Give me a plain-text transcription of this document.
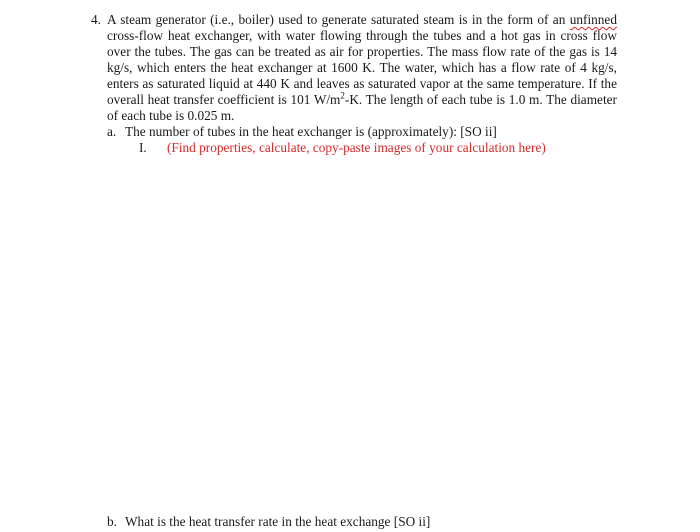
4. A steam generator (i.e., boiler) used to generate saturated steam is in the form of an unfinned
cross-flow heat exchanger, with water flowing through the tubes and a hot gas in cross flow
over the tubes. The gas can be treated as air for properties. The mass flow rate of the gas is 14
kg/s, which enters the heat exchanger at 1600 K. The water, which has a flow rate of 4 kg/s,
enters as saturated liquid at 440 K and leaves as saturated vapor at the same temperature. If the
overall heat transfer coefficient is 101 $W/m^2-K$. The length of each tube is 1.0 m. The diameter
of each tube is 0.025 m.
a. The number of tubes in the heat exchanger is (approximately): [SO ii]
I. (Find properties, calculate, copy-paste images of your calculation here)
b. What is the heat transfer rate in the heat exchange [SO ii]
